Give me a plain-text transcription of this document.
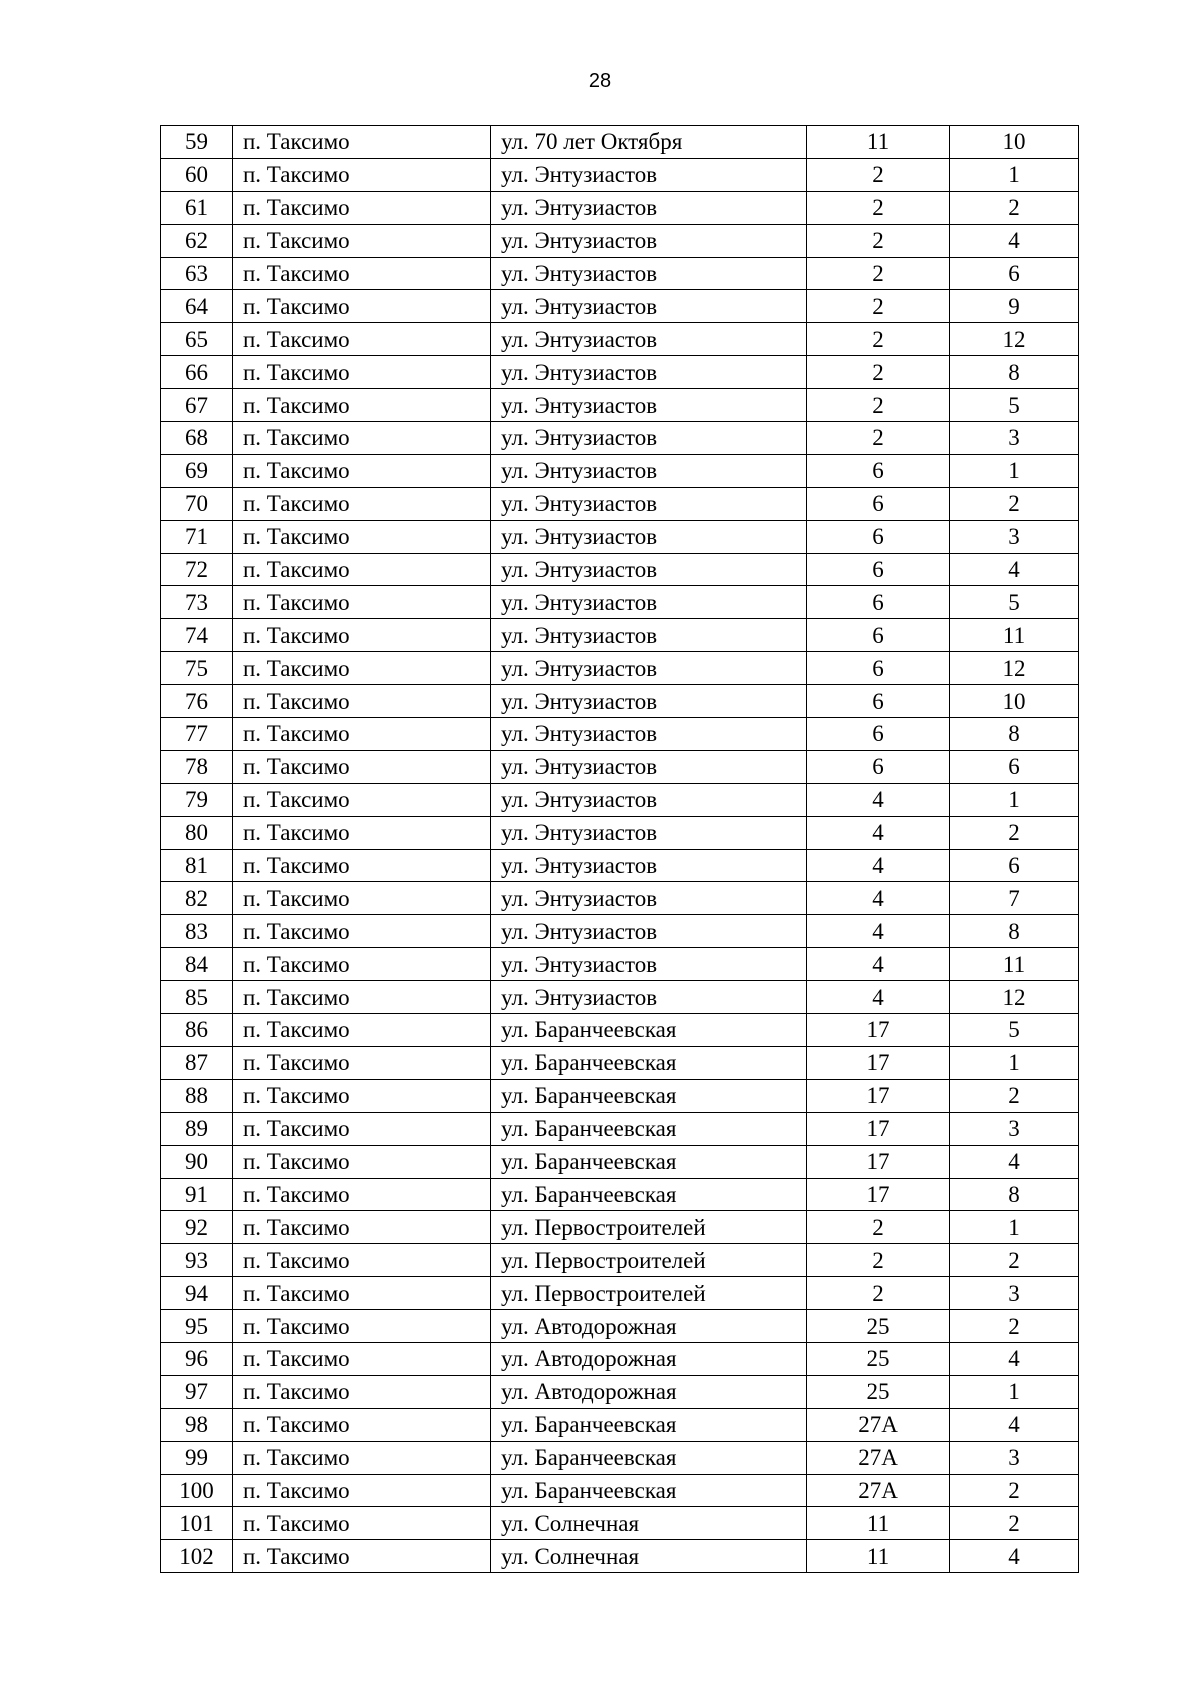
28
59	п. Таксимо	ул. 70 лет Октября	11	10
60	п. Таксимо	ул. Энтузиастов	2	1
61	п. Таксимо	ул. Энтузиастов	2	2
62	п. Таксимо	ул. Энтузиастов	2	4
63	п. Таксимо	ул. Энтузиастов	2	6
64	п. Таксимо	ул. Энтузиастов	2	9
65	п. Таксимо	ул. Энтузиастов	2	12
66	п. Таксимо	ул. Энтузиастов	2	8
67	п. Таксимо	ул. Энтузиастов	2	5
68	п. Таксимо	ул. Энтузиастов	2	3
69	п. Таксимо	ул. Энтузиастов	6	1
70	п. Таксимо	ул. Энтузиастов	6	2
71	п. Таксимо	ул. Энтузиастов	6	3
72	п. Таксимо	ул. Энтузиастов	6	4
73	п. Таксимо	ул. Энтузиастов	6	5
74	п. Таксимо	ул. Энтузиастов	6	11
75	п. Таксимо	ул. Энтузиастов	6	12
76	п. Таксимо	ул. Энтузиастов	6	10
77	п. Таксимо	ул. Энтузиастов	6	8
78	п. Таксимо	ул. Энтузиастов	6	6
79	п. Таксимо	ул. Энтузиастов	4	1
80	п. Таксимо	ул. Энтузиастов	4	2
81	п. Таксимо	ул. Энтузиастов	4	6
82	п. Таксимо	ул. Энтузиастов	4	7
83	п. Таксимо	ул. Энтузиастов	4	8
84	п. Таксимо	ул. Энтузиастов	4	11
85	п. Таксимо	ул. Энтузиастов	4	12
86	п. Таксимо	ул. Баранчеевская	17	5
87	п. Таксимо	ул. Баранчеевская	17	1
88	п. Таксимо	ул. Баранчеевская	17	2
89	п. Таксимо	ул. Баранчеевская	17	3
90	п. Таксимо	ул. Баранчеевская	17	4
91	п. Таксимо	ул. Баранчеевская	17	8
92	п. Таксимо	ул. Первостроителей	2	1
93	п. Таксимо	ул. Первостроителей	2	2
94	п. Таксимо	ул. Первостроителей	2	3
95	п. Таксимо	ул. Автодорожная	25	2
96	п. Таксимо	ул. Автодорожная	25	4
97	п. Таксимо	ул. Автодорожная	25	1
98	п. Таксимо	ул. Баранчеевская	27А	4
99	п. Таксимо	ул. Баранчеевская	27А	3
100	п. Таксимо	ул. Баранчеевская	27А	2
101	п. Таксимо	ул. Солнечная	11	2
102	п. Таксимо	ул. Солнечная	11	4
